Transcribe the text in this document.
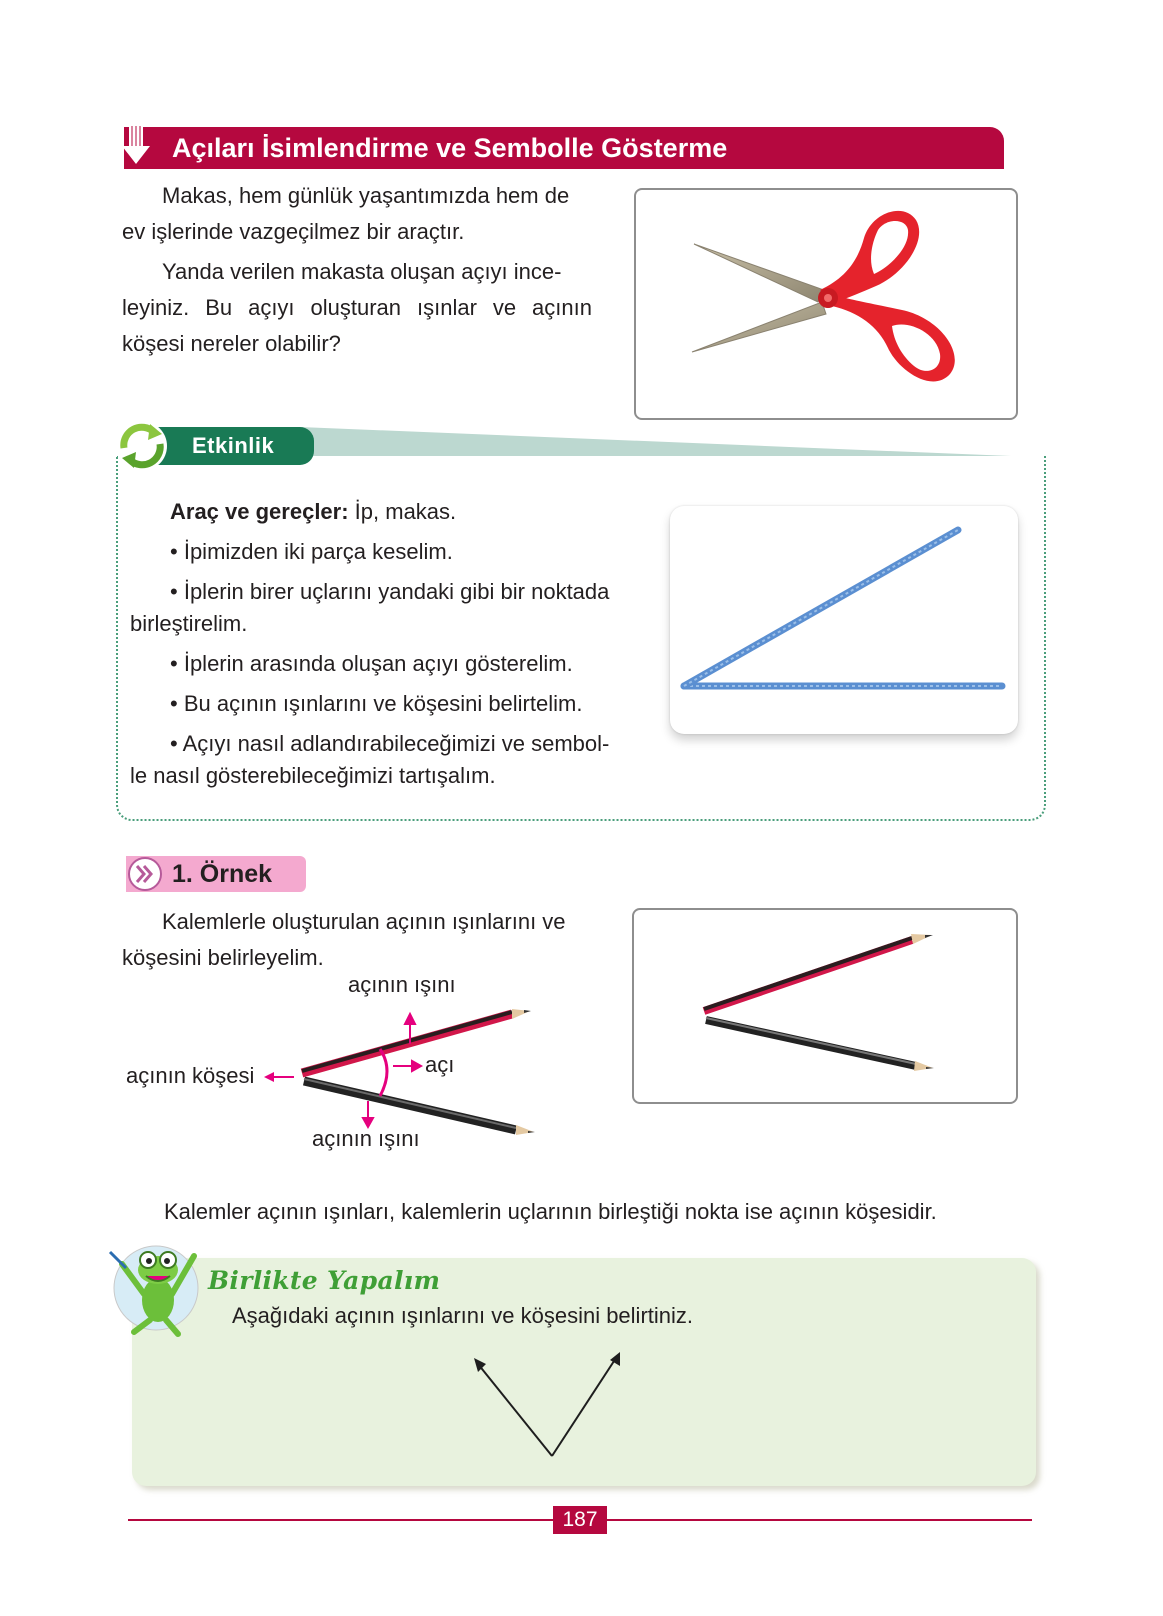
Açıları İsimlendirme ve Sembolle Gösterme

Makas, hem günlük yaşantımızda hem de

ev işlerinde vazgeçilmez bir araçtır.

Yanda verilen makasta oluşan açıyı ince-

leyiniz. Bu açıyı oluşturan ışınlar ve açının

köşesi nereler olabilir?

Etkinlik

Araç ve gereçler: İp, makas.

• İpimizden iki parça keselim.

• İplerin birer uçlarını yandaki gibi bir noktada

birleştirelim.

• İplerin arasında oluşan açıyı gösterelim.

• Bu açının ışınlarını ve köşesini belirtelim.

• Açıyı nasıl adlandırabileceğimizi ve sembol-

le nasıl gösterebileceğimizi tartışalım.

1. Örnek

Kalemlerle oluşturulan açının ışınlarını ve

köşesini belirleyelim.

açının ışını
açının köşesi	açı
açının ışını
Kalemler açının ışınları, kalemlerin uçlarının birleştiği nokta ise açının köşesidir.
Birlikte Yapalım
Aşağıdaki açının ışınlarını ve köşesini belirtiniz.
187
